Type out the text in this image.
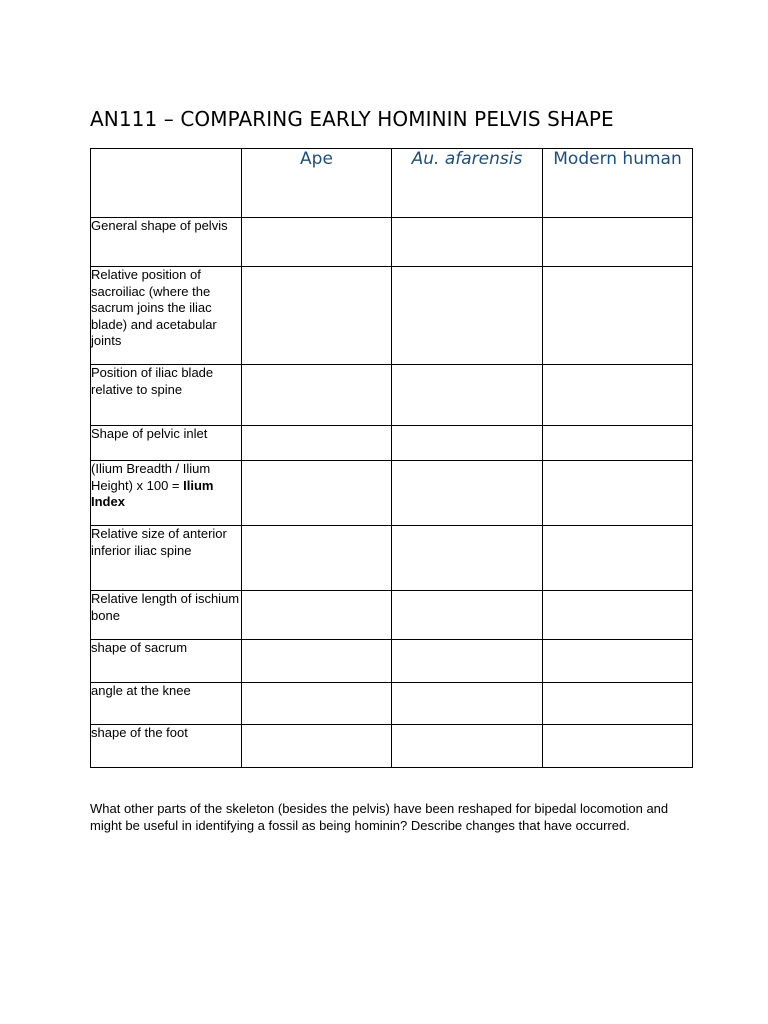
AN111 – COMPARING EARLY HOMININ PELVIS SHAPE
	Ape	Au. afarensis	Modern human
General shape of pelvis			
Relative position of sacroiliac (where the sacrum joins the iliac blade) and acetabular joints			
Position of iliac blade relative to spine			
Shape of pelvic inlet			
(Ilium Breadth / Ilium Height) x 100 = Ilium Index			
Relative size of anterior inferior iliac spine			
Relative length of ischium bone			
shape of sacrum			
angle at the knee			
shape of the foot			
What other parts of the skeleton (besides the pelvis) have been reshaped for bipedal locomotion and might be useful in identifying a fossil as being hominin? Describe changes that have occurred.
